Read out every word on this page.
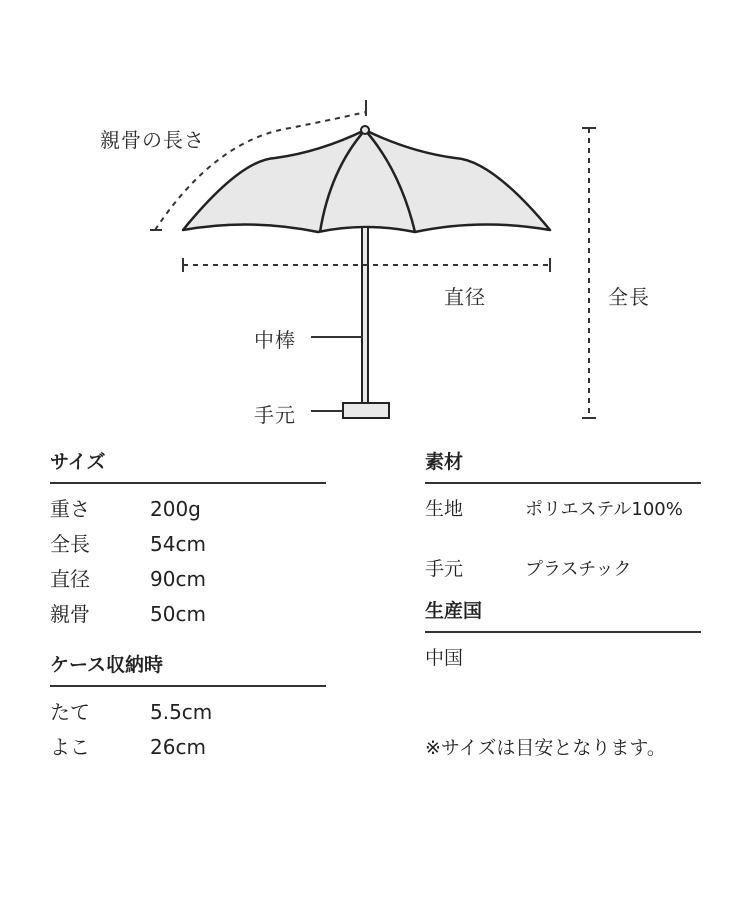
親骨の長さ
直径	全長
中棒
手元
サイズ
重さ	200g
全長	54cm
直径	90cm
親骨	50cm
ケース収納時
たて	5.5cm
よこ	26cm
素材
生地	ポリエステル100%
手元	プラスチック
生産国
中国
※サイズは目安となります。
